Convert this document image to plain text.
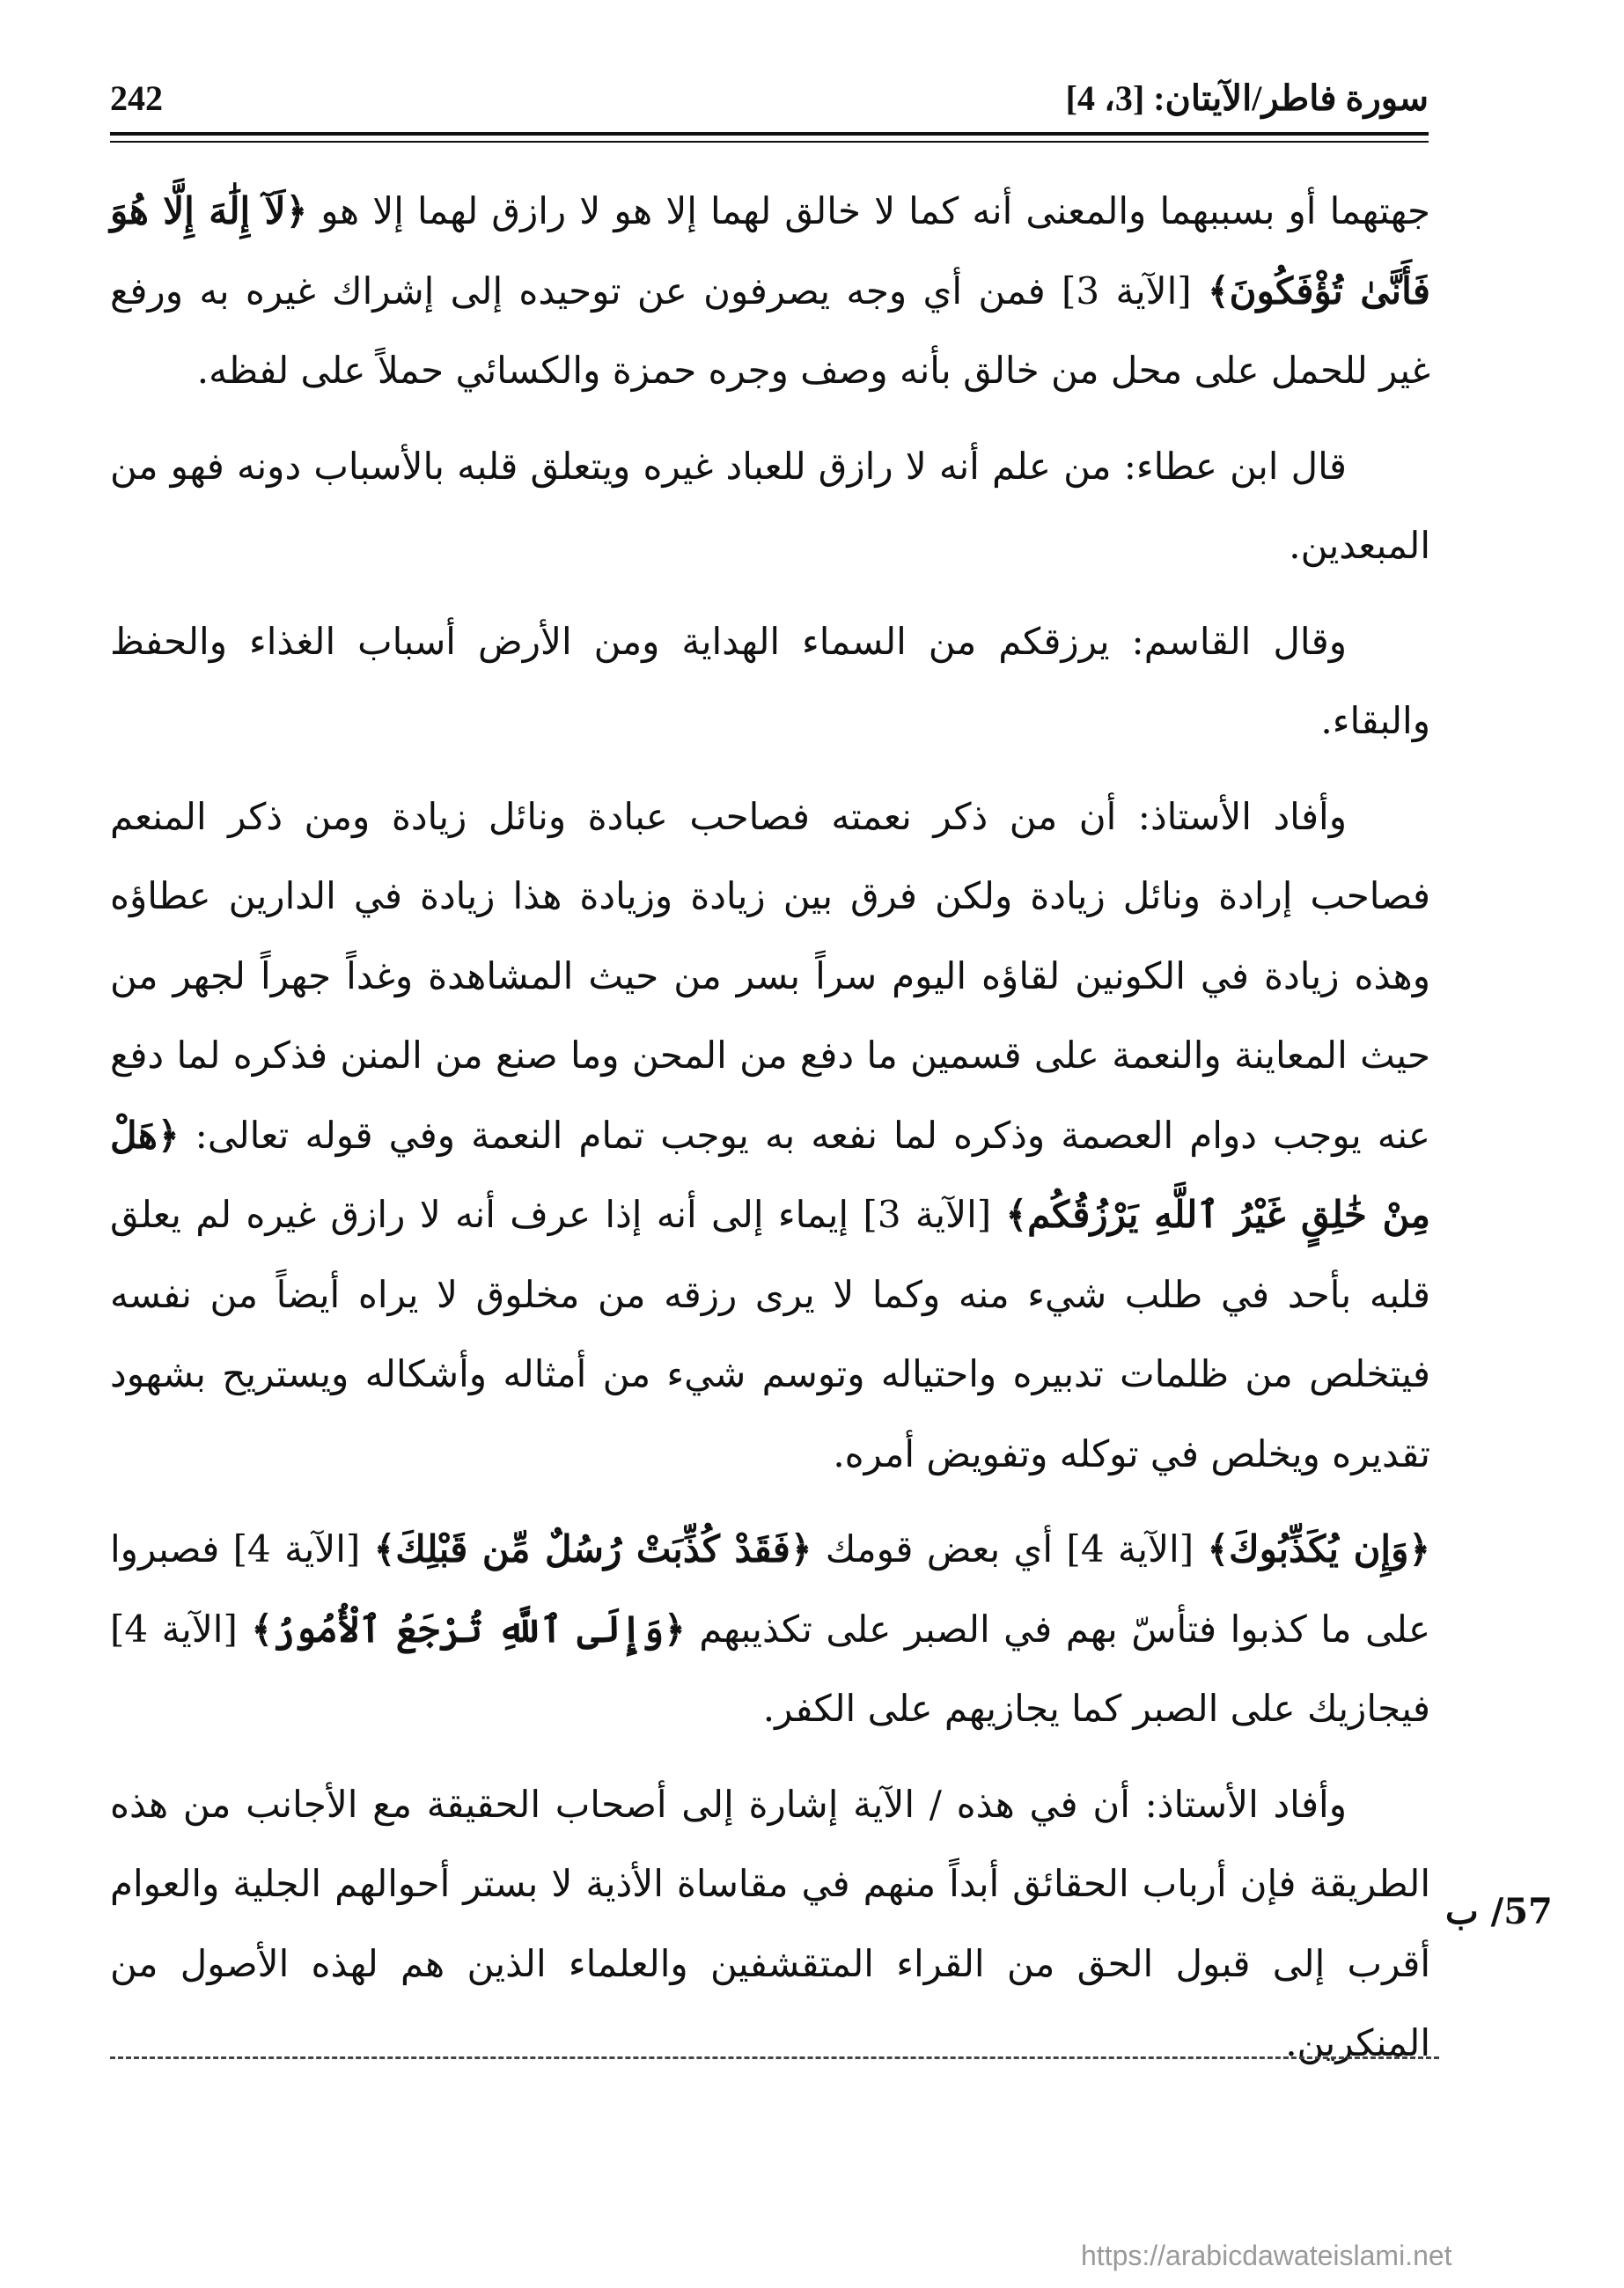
242	سورة فاطر/الآيتان: [3، 4]

جهتهما أو بسببهما والمعنى أنه كما لا خالق لهما إلا هو لا رازق لهما إلا هو ﴿لَآ إِلَٰهَ إِلَّا هُوَ فَأَنَّىٰ تُؤْفَكُونَ﴾ [الآية 3] فمن أي وجه يصرفون عن توحيده إلى إشراك غيره به ورفع غير للحمل على محل من خالق بأنه وصف وجره حمزة والكسائي حملاً على لفظه.

قال ابن عطاء: من علم أنه لا رازق للعباد غيره ويتعلق قلبه بالأسباب دونه فهو من المبعدين.

وقال القاسم: يرزقكم من السماء الهداية ومن الأرض أسباب الغذاء والحفظ والبقاء.

وأفاد الأستاذ: أن من ذكر نعمته فصاحب عبادة ونائل زيادة ومن ذكر المنعم فصاحب إرادة ونائل زيادة ولكن فرق بين زيادة وزيادة هذا زيادة في الدارين عطاؤه وهذه زيادة في الكونين لقاؤه اليوم سراً بسر من حيث المشاهدة وغداً جهراً لجهر من حيث المعاينة والنعمة على قسمين ما دفع من المحن وما صنع من المنن فذكره لما دفع عنه يوجب دوام العصمة وذكره لما نفعه به يوجب تمام النعمة وفي قوله تعالى: ﴿هَلْ مِنْ خَٰلِقٍ غَيْرُ ٱللَّهِ يَرْزُقُكُم﴾ [الآية 3] إيماء إلى أنه إذا عرف أنه لا رازق غيره لم يعلق قلبه بأحد في طلب شيء منه وكما لا يرى رزقه من مخلوق لا يراه أيضاً من نفسه فيتخلص من ظلمات تدبيره واحتياله وتوسم شيء من أمثاله وأشكاله ويستريح بشهود تقديره ويخلص في توكله وتفويض أمره.

﴿وَإِن يُكَذِّبُوكَ﴾ [الآية 4] أي بعض قومك ﴿فَقَدْ كُذِّبَتْ رُسُلٌ مِّن قَبْلِكَ﴾ [الآية 4] فصبروا على ما كذبوا فتأسّ بهم في الصبر على تكذيبهم ﴿وَإِلَى ٱللَّهِ تُرْجَعُ ٱلْأُمُورُ﴾ [الآية 4] فيجازيك على الصبر كما يجازيهم على الكفر.

وأفاد الأستاذ: أن في هذه / الآية إشارة إلى أصحاب الحقيقة مع الأجانب من هذه الطريقة فإن أرباب الحقائق أبداً منهم في مقاساة الأذية لا بستر أحوالهم الجلية والعوام أقرب إلى قبول الحق من القراء المتقشفين والعلماء الذين هم لهذه الأصول من المنكرين.

57/ ب
https://arabicdawateislami.net
